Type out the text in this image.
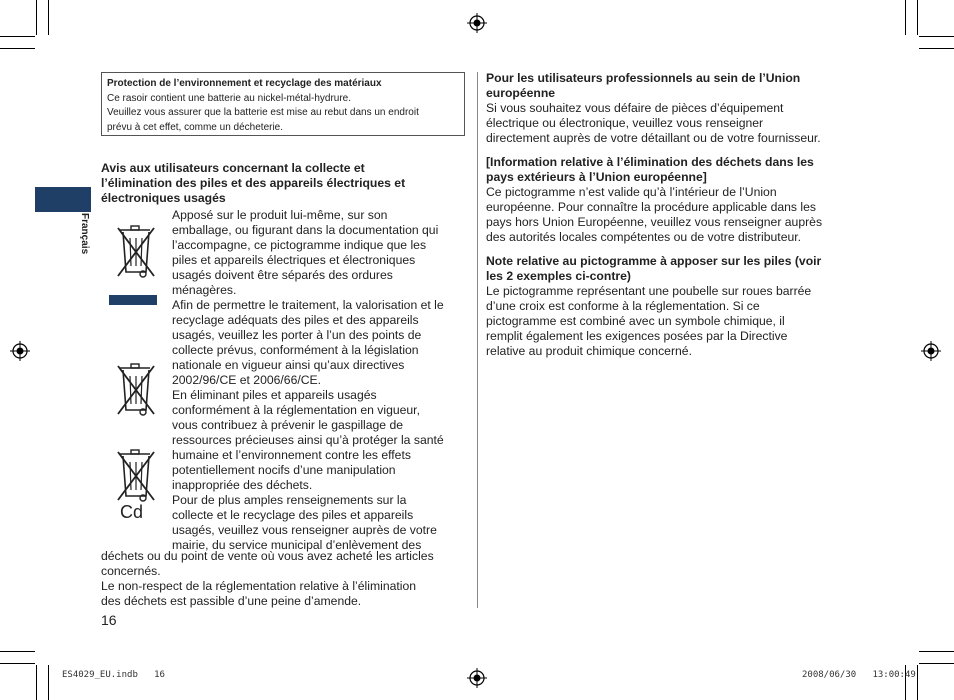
Protection de l’environnement et recyclage des matériaux
Ce rasoir contient une batterie au nickel-métal-hydrure.
Veuillez vous assurer que la batterie est mise au rebut dans un endroit
prévu à cet effet, comme un décheterie.
Français
Avis aux utilisateurs concernant la collecte et
l’élimination des piles et des appareils électriques et
électroniques usagés
Cd
Apposé sur le produit lui-même, sur son
emballage, ou figurant dans la documentation qui
l’accompagne, ce pictogramme indique que les
piles et appareils électriques et électroniques
usagés doivent être séparés des ordures
ménagères.
Afin de permettre le traitement, la valorisation et le
recyclage adéquats des piles et des appareils
usagés, veuillez les porter à l’un des points de
collecte prévus, conformément à la législation
nationale en vigueur ainsi qu’aux directives
2002/96/CE et 2006/66/CE.
En éliminant piles et appareils usagés
conformément à la réglementation en vigueur,
vous contribuez à prévenir le gaspillage de
ressources précieuses ainsi qu’à protéger la santé
humaine et l’environnement contre les effets
potentiellement nocifs d’une manipulation
inappropriée des déchets.
Pour de plus amples renseignements sur la
collecte et le recyclage des piles et appareils
usagés, veuillez vous renseigner auprès de votre
mairie, du service municipal d’enlèvement des
déchets ou du point de vente où vous avez acheté les articles
concernés.
Le non-respect de la réglementation relative à l’élimination
des déchets est passible d’une peine d’amende.
16
Pour les utilisateurs professionnels au sein de l’Union
européenne
Si vous souhaitez vous défaire de pièces d’équipement
électrique ou électronique, veuillez vous renseigner
directement auprès de votre détaillant ou de votre fournisseur.
[Information relative à l’élimination des déchets dans les
pays extérieurs à l’Union européenne]
Ce pictogramme n’est valide qu’à l’intérieur de l’Union
européenne. Pour connaître la procédure applicable dans les
pays hors Union Européenne, veuillez vous renseigner auprès
des autorités locales compétentes ou de votre distributeur.
Note relative au pictogramme à apposer sur les piles (voir
les 2 exemples ci-contre)
Le pictogramme représentant une poubelle sur roues barrée
d’une croix est conforme à la réglementation. Si ce
pictogramme est combiné avec un symbole chimique, il
remplit également les exigences posées par la Directive
relative au produit chimique concerné.
ES4029_EU.indb   16	2008/06/30   13:00:49
